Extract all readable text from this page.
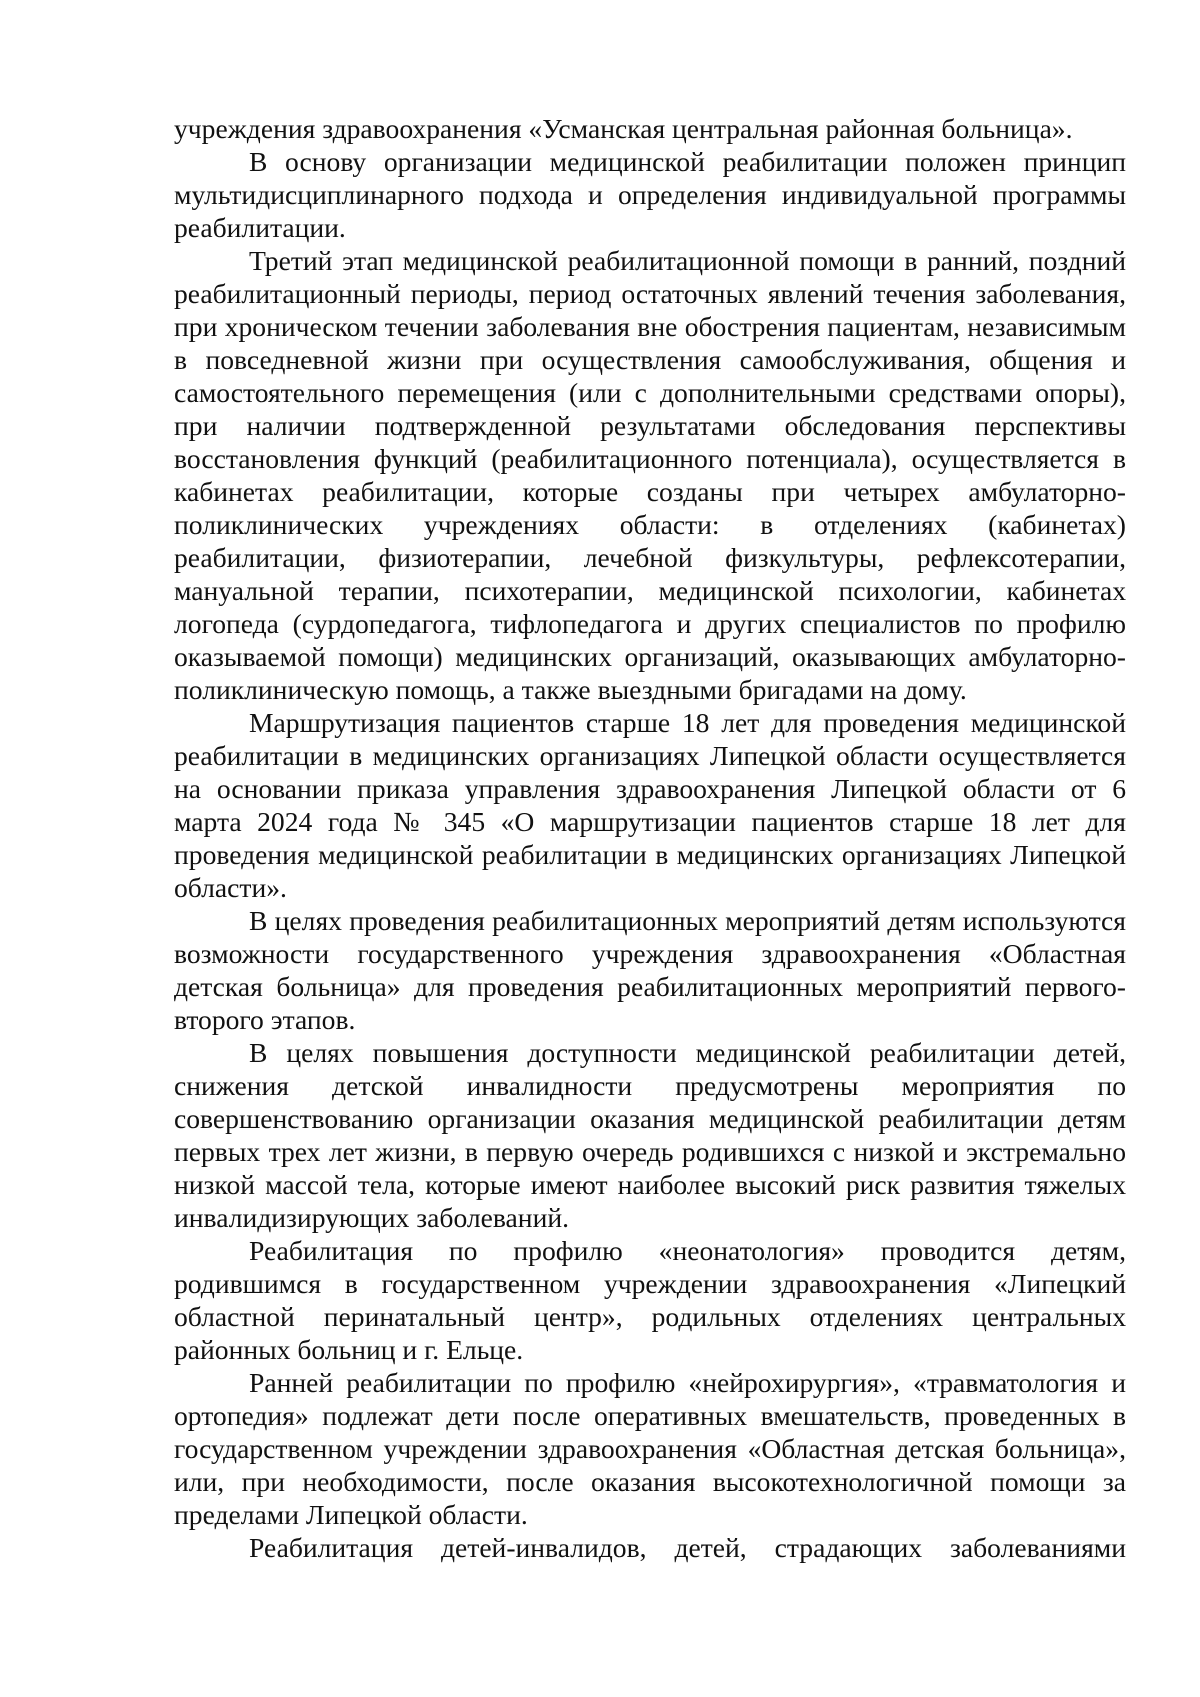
учреждения здравоохранения «Усманская центральная районная больница».

В основу организации медицинской реабилитации положен принцип мультидисциплинарного подхода и определения индивидуальной программы реабилитации.

Третий этап медицинской реабилитационной помощи в ранний, поздний реабилитационный периоды, период остаточных явлений течения заболевания, при хроническом течении заболевания вне обострения пациентам, независимым в повседневной жизни при осуществления самообслуживания, общения и самостоятельного перемещения (или с дополнительными средствами опоры), при наличии подтвержденной результатами обследования перспективы восстановления функций (реабилитационного потенциала), осуществляется в кабинетах реабилитации, которые созданы при четырех амбулаторно-поликлинических учреждениях области: в отделениях (кабинетах) реабилитации, физиотерапии, лечебной физкультуры, рефлексотерапии, мануальной терапии, психотерапии, медицинской психологии, кабинетах логопеда (сурдопедагога, тифлопедагога и других специалистов по профилю оказываемой помощи) медицинских организаций, оказывающих амбулаторно-поликлиническую помощь, а также выездными бригадами на дому.

Маршрутизация пациентов старше 18 лет для проведения медицинской реабилитации в медицинских организациях Липецкой области осуществляется на основании приказа управления здравоохранения Липецкой области от 6 марта 2024 года № 345 «О маршрутизации пациентов старше 18 лет для проведения медицинской реабилитации в медицинских организациях Липецкой области».

В целях проведения реабилитационных мероприятий детям используются возможности государственного учреждения здравоохранения «Областная детская больница» для проведения реабилитационных мероприятий первого-второго этапов.

В целях повышения доступности медицинской реабилитации детей, снижения детской инвалидности предусмотрены мероприятия по совершенствованию организации оказания медицинской реабилитации детям первых трех лет жизни, в первую очередь родившихся с низкой и экстремально низкой массой тела, которые имеют наиболее высокий риск развития тяжелых инвалидизирующих заболеваний.

Реабилитация по профилю «неонатология» проводится детям, родившимся в государственном учреждении здравоохранения «Липецкий областной перинатальный центр», родильных отделениях центральных районных больниц и г. Ельце.

Ранней реабилитации по профилю «нейрохирургия», «травматология и ортопедия» подлежат дети после оперативных вмешательств, проведенных в государственном учреждении здравоохранения «Областная детская больница», или, при необходимости, после оказания высокотехнологичной помощи за пределами Липецкой области.

Реабилитация детей-инвалидов, детей, страдающих заболеваниями
